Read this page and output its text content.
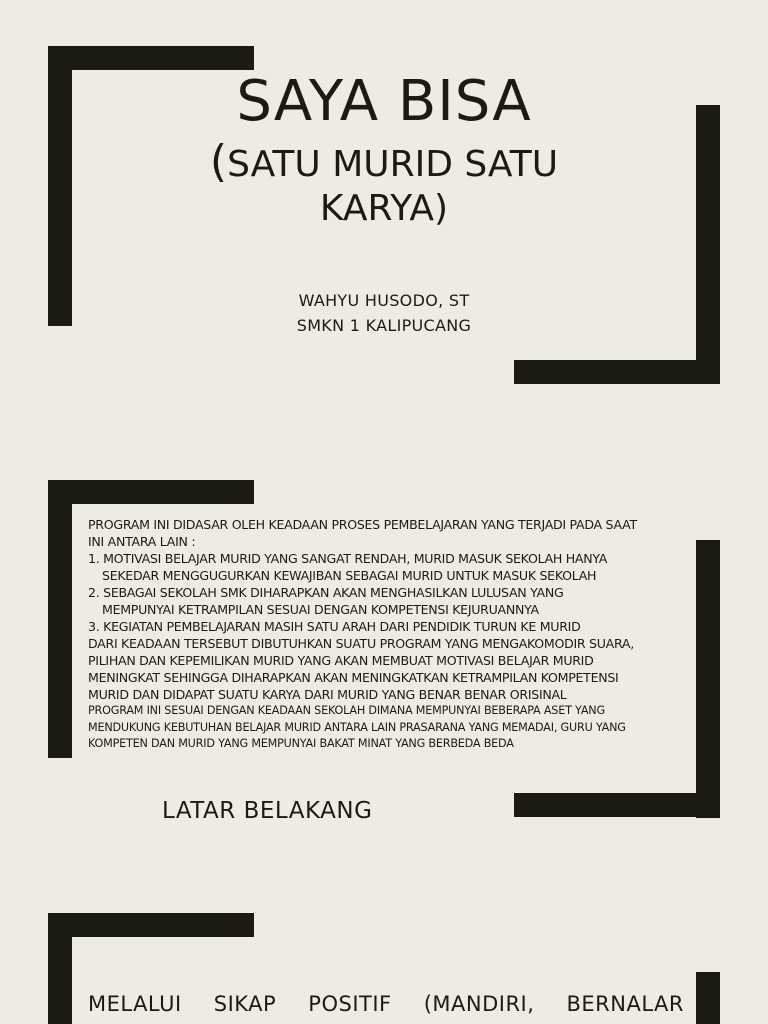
SAYA BISA
(SATU MURID SATU
KARYA)
WAHYU HUSODO, ST
SMKN 1 KALIPUCANG
PROGRAM INI DIDASAR OLEH KEADAAN PROSES PEMBELAJARAN YANG TERJADI PADA SAAT
INI ANTARA LAIN :
1. MOTIVASI BELAJAR MURID YANG SANGAT RENDAH, MURID MASUK SEKOLAH HANYA
SEKEDAR MENGGUGURKAN KEWAJIBAN SEBAGAI MURID UNTUK MASUK SEKOLAH
2. SEBAGAI SEKOLAH SMK DIHARAPKAN AKAN MENGHASILKAN LULUSAN YANG
MEMPUNYAI KETRAMPILAN SESUAI DENGAN KOMPETENSI KEJURUANNYA
3. KEGIATAN PEMBELAJARAN MASIH SATU ARAH DARI PENDIDIK TURUN KE MURID
DARI KEADAAN TERSEBUT DIBUTUHKAN SUATU PROGRAM YANG MENGAKOMODIR SUARA,
PILIHAN DAN KEPEMILIKAN MURID YANG AKAN MEMBUAT MOTIVASI BELAJAR MURID
MENINGKAT SEHINGGA DIHARAPKAN AKAN MENINGKATKAN KETRAMPILAN KOMPETENSI
MURID DAN DIDAPAT SUATU KARYA DARI MURID YANG BENAR BENAR ORISINAL
PROGRAM INI SESUAI DENGAN KEADAAN SEKOLAH DIMANA MEMPUNYAI BEBERAPA ASET YANG
MENDUKUNG KEBUTUHAN BELAJAR MURID ANTARA LAIN PRASARANA YANG MEMADAI, GURU YANG
KOMPETEN DAN MURID YANG MEMPUNYAI BAKAT MINAT YANG BERBEDA BEDA
LATAR BELAKANG
MELALUI SIKAP POSITIF (MANDIRI, BERNALAR
